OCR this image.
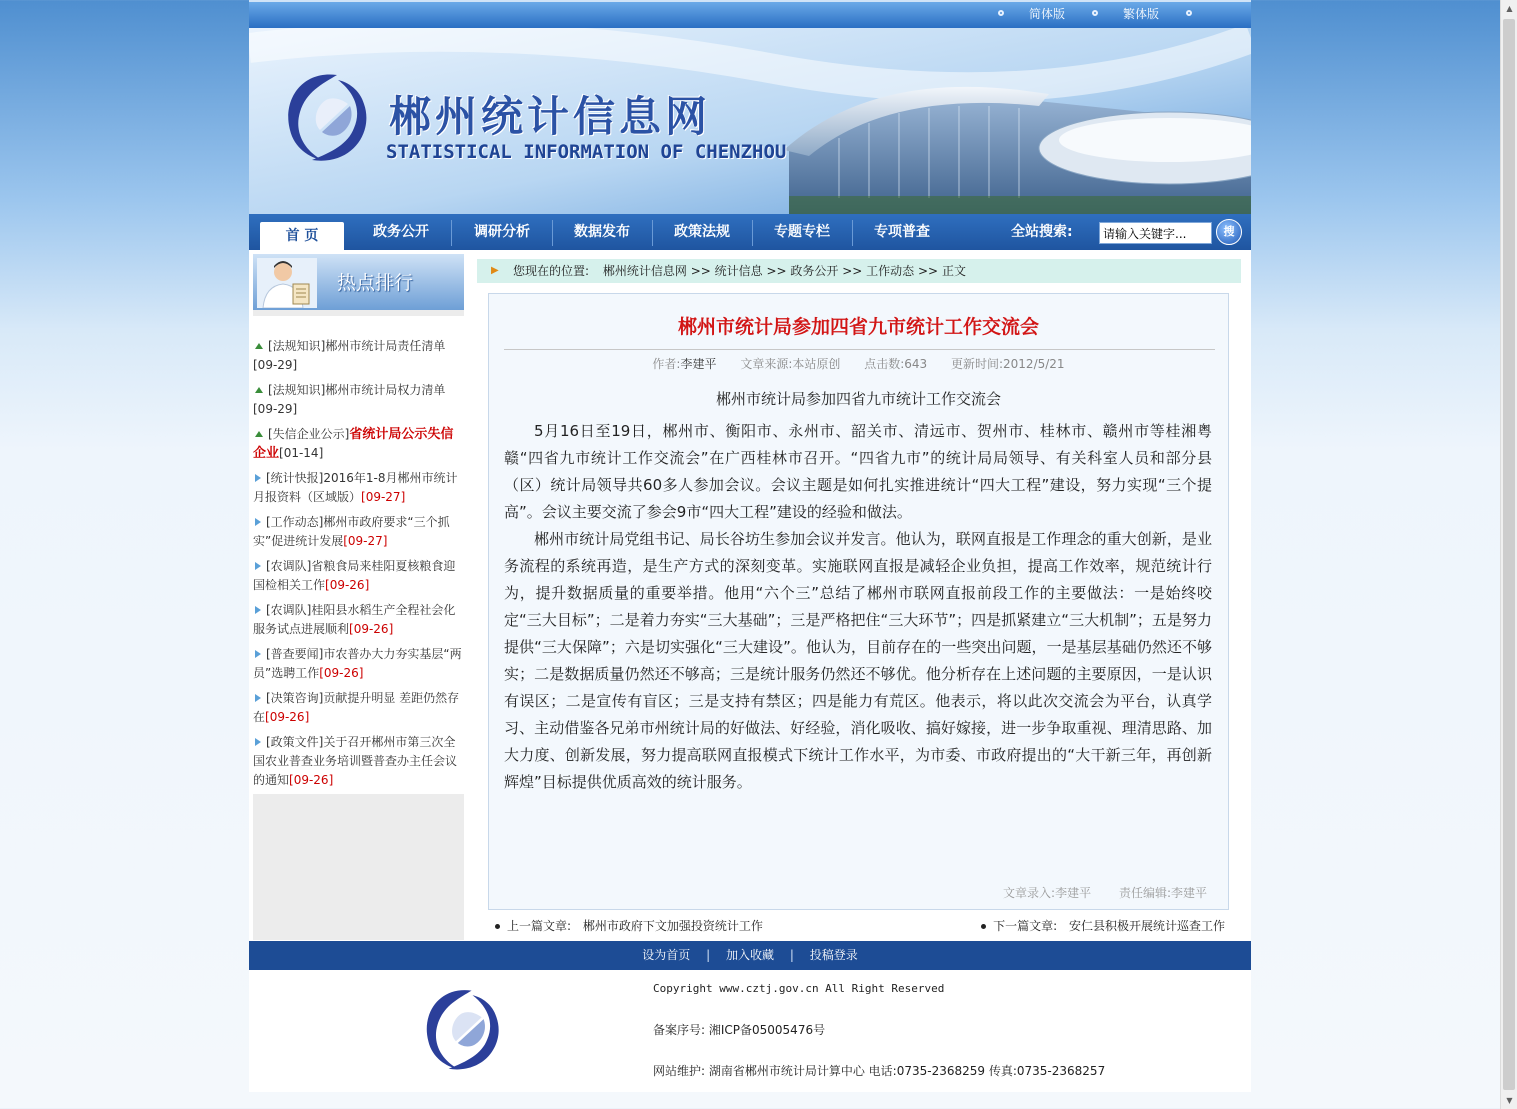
▲
▼
简体版	繁体版
郴州统计信息网
STATISTICAL INFORMATION OF CHENZHOU
首 页	政务公开	调研分析	数据发布	政策法规	专题专栏	专项普查	全站搜索:
请输入关键字...	搜
热点排行
[法规知识]郴州市统计局责任清单
[09-29]
[法规知识]郴州市统计局权力清单
[09-29]
[失信企业公示]省统计局公示失信企业[01-14]
[统计快报]2016年1-8月郴州市统计月报资料（区域版）[09-27]
[工作动态]郴州市政府要求“三个抓实”促进统计发展[09-27]
[农调队]省粮食局来桂阳夏核粮食迎国检相关工作[09-26]
[农调队]桂阳县水稻生产全程社会化服务试点进展顺利[09-26]
[普查要闻]市农普办大力夯实基层“两员”选聘工作[09-26]
[决策咨询]贡献提升明显 差距仍然存在[09-26]
[政策文件]关于召开郴州市第三次全国农业普查业务培训暨普查办主任会议的通知[09-26]
▶ 您现在的位置: 郴州统计信息网 >> 统计信息 >> 政务公开 >> 工作动态 >> 正文
郴州市统计局参加四省九市统计工作交流会
作者:李建平 文章来源:本站原创 点击数:643 更新时间:2012/5/21
郴州市统计局参加四省九市统计工作交流会

5月16日至19日，郴州市、衡阳市、永州市、韶关市、清远市、贺州市、桂林市、赣州市等桂湘粤赣“四省九市统计工作交流会”在广西桂林市召开。“四省九市”的统计局局领导、有关科室人员和部分县（区）统计局领导共60多人参加会议。会议主题是如何扎实推进统计“四大工程”建设，努力实现“三个提高”。会议主要交流了参会9市“四大工程”建设的经验和做法。

郴州市统计局党组书记、局长谷坊生参加会议并发言。他认为，联网直报是工作理念的重大创新，是业务流程的系统再造，是生产方式的深刻变革。实施联网直报是减轻企业负担，提高工作效率，规范统计行为，提升数据质量的重要举措。他用“六个三”总结了郴州市联网直报前段工作的主要做法：一是始终咬定“三大目标”；二是着力夯实“三大基础”；三是严格把住“三大环节”；四是抓紧建立“三大机制”；五是努力提供“三大保障”；六是切实强化“三大建设”。他认为，目前存在的一些突出问题，一是基层基础仍然还不够实；二是数据质量仍然还不够高；三是统计服务仍然还不够优。他分析存在上述问题的主要原因，一是认识有误区；二是宣传有盲区；三是支持有禁区；四是能力有荒区。他表示，将以此次交流会为平台，认真学习、主动借鉴各兄弟市州统计局的好做法、好经验，消化吸收、搞好嫁接，进一步争取重视、理清思路、加大力度、创新发展，努力提高联网直报模式下统计工作水平，为市委、市政府提出的“大干新三年，再创新辉煌”目标提供优质高效的统计服务。

文章录入:李建平 责任编辑:李建平
上一篇文章: 郴州市政府下文加强投资统计工作	下一篇文章: 安仁县积极开展统计巡查工作
设为首页 | 加入收藏 | 投稿登录
Copyright www.cztj.gov.cn All Right Reserved
备案序号: 湘ICP备05005476号
网站维护: 湖南省郴州市统计局计算中心 电话:0735-2368259 传真:0735-2368257
